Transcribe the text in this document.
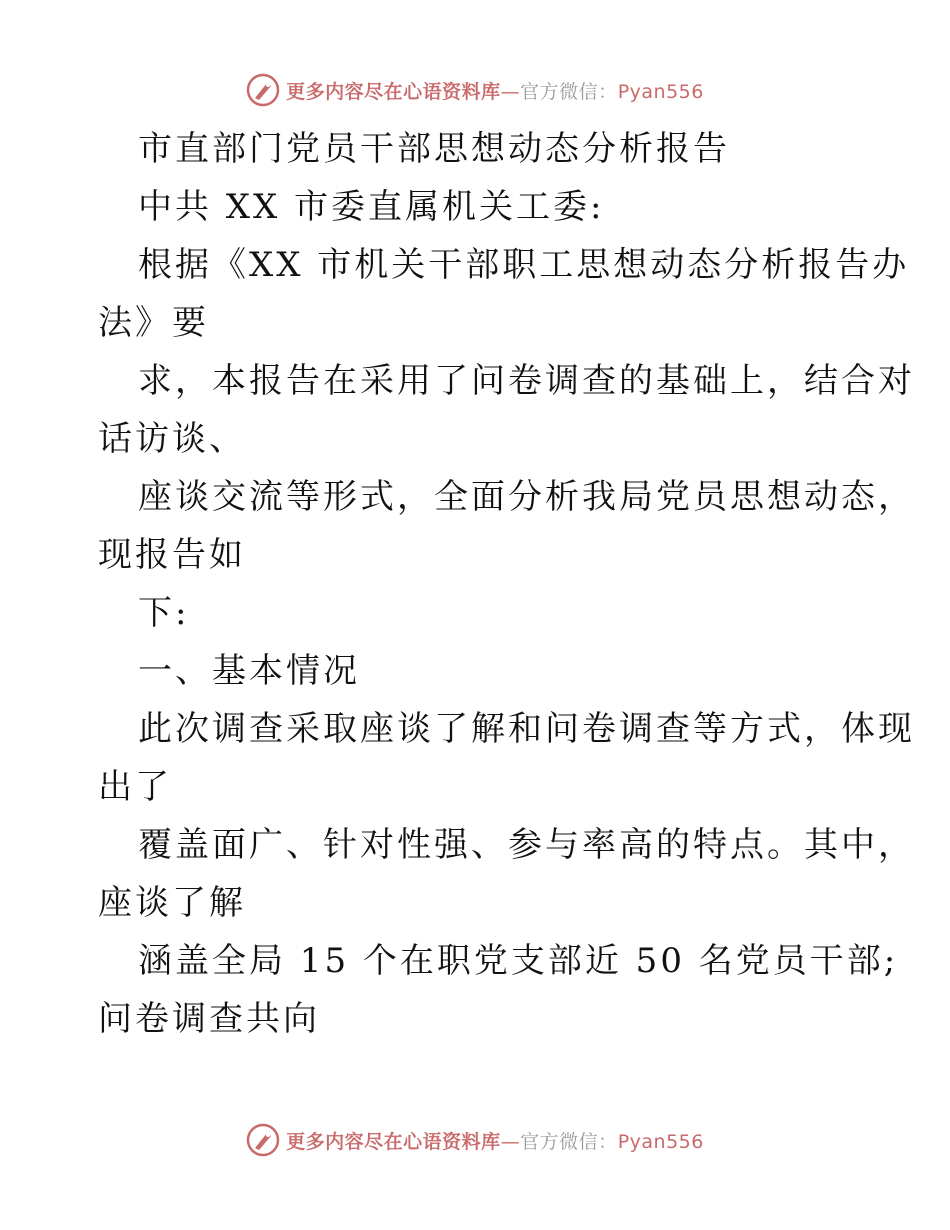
更多内容尽在心语资料库—官方微信：Pyan556
市直部门党员干部思想动态分析报告
中共 XX 市委直属机关工委:
根据《XX 市机关干部职工思想动态分析报告办
法》要
求，本报告在采用了问卷调查的基础上，结合对
话访谈、
座谈交流等形式，全面分析我局党员思想动态，
现报告如
下:
一、基本情况
此次调查采取座谈了解和问卷调查等方式，体现
出了
覆盖面广、针对性强、参与率高的特点。其中，
座谈了解
涵盖全局 15 个在职党支部近 50 名党员干部;
问卷调查共向
更多内容尽在心语资料库—官方微信：Pyan556
